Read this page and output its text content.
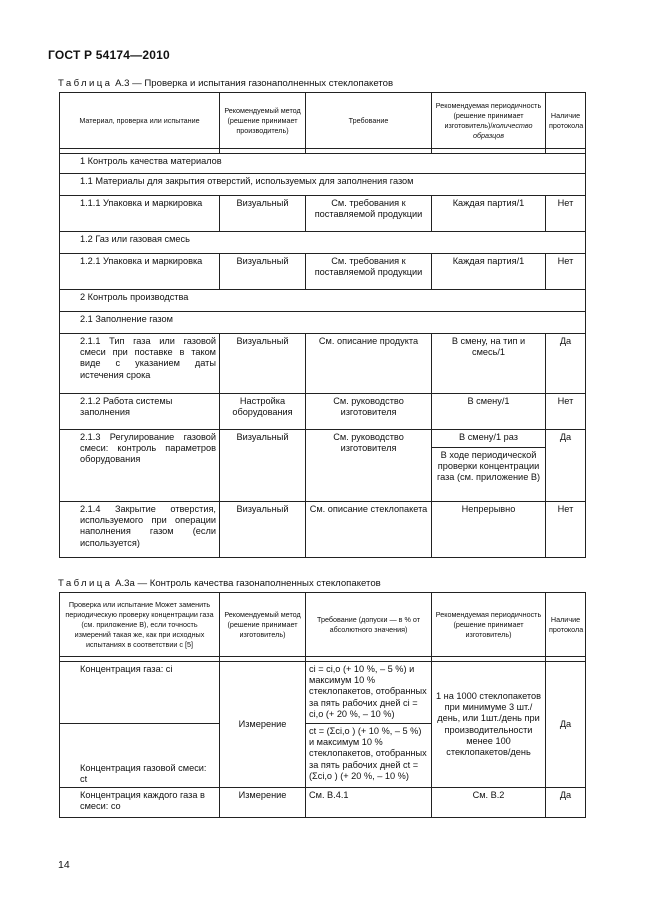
ГОСТ Р 54174—2010
Таблица А.3 — Проверка и испытания газонаполненных стеклопакетов
Материал, проверка или испытание	Рекомендуемый метод (решение принимает производитель)	Требование	Рекомендуемая периодичность (решение принимает изготовитель)/количество образцов	Наличие протокола

1 Контроль качества материалов				
1.1 Материалы для закрытия отверстий, используемых для заполнения газом				
1.1.1 Упаковка и маркировка	Визуальный	См. требования к поставляемой продукции	Каждая партия/1	Нет
1.2 Газ или газовая смесь				
1.2.1 Упаковка и маркировка	Визуальный	См. требования к поставляемой продукции	Каждая партия/1	Нет
2 Контроль производства				
2.1 Заполнение газом				
2.1.1 Тип газа или газовой смеси при поставке в таком виде с указанием даты истечения срока	Визуальный	См. описание продукта	В смену, на тип и смесь/1	Да
2.1.2 Работа системы заполнения	Настройка оборудования	См. руководство изготовителя	В смену/1	Нет
2.1.3 Регулирование газовой смеси: контроль параметров оборудования	Визуальный	См. руководство изготовителя	В смену/1 раз	Да
			В ходе периодической проверки концентрации газа (см. приложение В)	
2.1.4 Закрытие отверстия, используемого при операции наполнения газом (если используется)	Визуальный	См. описание стеклопакета	Непрерывно	Нет
Таблица А.3а — Контроль качества газонаполненных стеклопакетов
Проверка или испытание Может заменить периодическую проверку концентрации газа (см. приложение В), если точность измерений такая же, как при исходных испытаниях в соответствии с [5]	Рекомендуемый метод (решение принимает изготовитель)	Требование (допуски — в % от абсолютного значения)	Рекомендуемая периодичность (решение принимает изготовитель)	Наличие протокола

Концентрация газа: ci	Измерение	ci = ci,o (+ 10 %, – 5 %) и максимум 10 % стеклопакетов, отобранных за пять рабочих дней ci = ci,o (+ 20 %, – 10 %)	1 на 1000 стеклопакетов при минимуме 3 шт./день, или 1шт./день при производительности менее 100 стеклопакетов/день	Да
Концентрация газовой смеси: ct		ct = (Σci,o ) (+ 10 %, – 5 %) и максимум 10 % стеклопакетов, отобранных за пять рабочих дней ct = (Σci,o ) (+ 20 %, – 10 %)		
Концентрация каждого газа в смеси: co	Измерение	См. В.4.1	См. В.2	Да
14
